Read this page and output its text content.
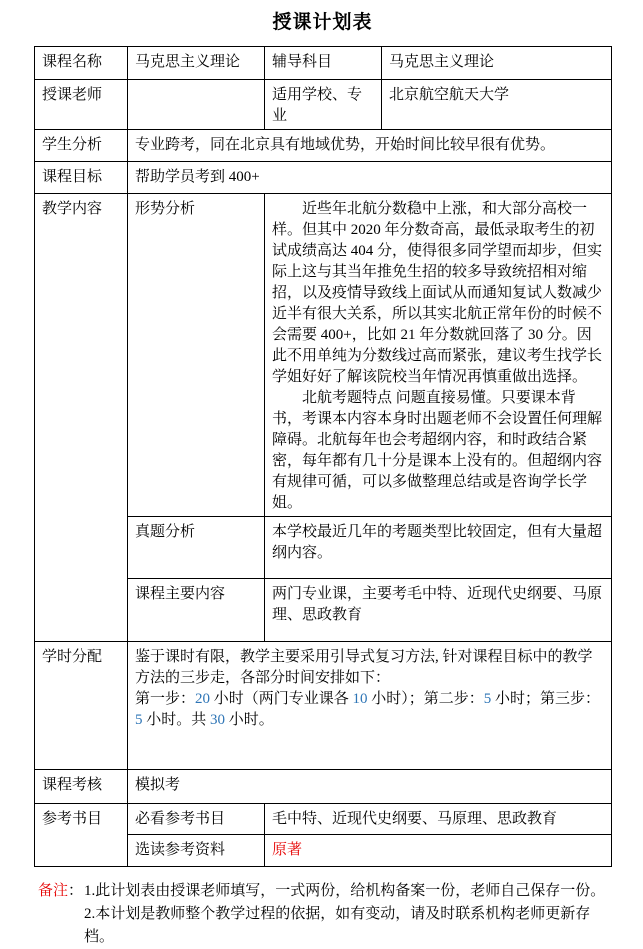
授课计划表
课程名称	马克思主义理论	辅导科目	马克思主义理论
授课老师		适用学校、专业	北京航空航天大学
学生分析	专业跨考，同在北京具有地域优势，开始时间比较早很有优势。		
课程目标	帮助学员考到 400+		
教学内容	形势分析	近些年北航分数稳中上涨，和大部分高校一样。但其中 2020 年分数奇高，最低录取考生的初试成绩高达 404 分，使得很多同学望而却步，但实际上这与其当年推免生招的较多导致统招相对缩招，以及疫情导致线上面试从而通知复试人数减少近半有很大关系，所以其实北航正常年份的时候不会需要 400+，比如 21 年分数就回落了 30 分。因此不用单纯为分数线过高而紧张，建议考生找学长学姐好好了解该院校当年情况再慎重做出选择。

北航考题特点 问题直接易懂。只要课本背书，考课本内容本身时出题老师不会设置任何理解障碍。北航每年也会考超纲内容，和时政结合紧密，每年都有几十分是课本上没有的。但超纲内容有规律可循，可以多做整理总结或是咨询学长学姐。	

	真题分析	本学校最近几年的考题类型比较固定，但有大量超纲内容。	
	课程主要内容	两门专业课，主要考毛中特、近现代史纲要、马原理、思政教育	
学时分配	鉴于课时有限，教学主要采用引导式复习方法, 针对课程目标中的教学方法的三步走，各部分时间安排如下：

第一步：20 小时（两门专业课各 10 小时）；第二步：5 小时；第三步：5 小时。共 30 小时。		

课程考核	模拟考		
参考书目	必看参考书目	毛中特、近现代史纲要、马原理、思政教育	
	选读参考资料	原著	
备注： 1.此计划表由授课老师填写，一式两份，给机构备案一份，老师自己保存一份。
2.本计划是教师整个教学过程的依据，如有变动，请及时联系机构老师更新存档。
